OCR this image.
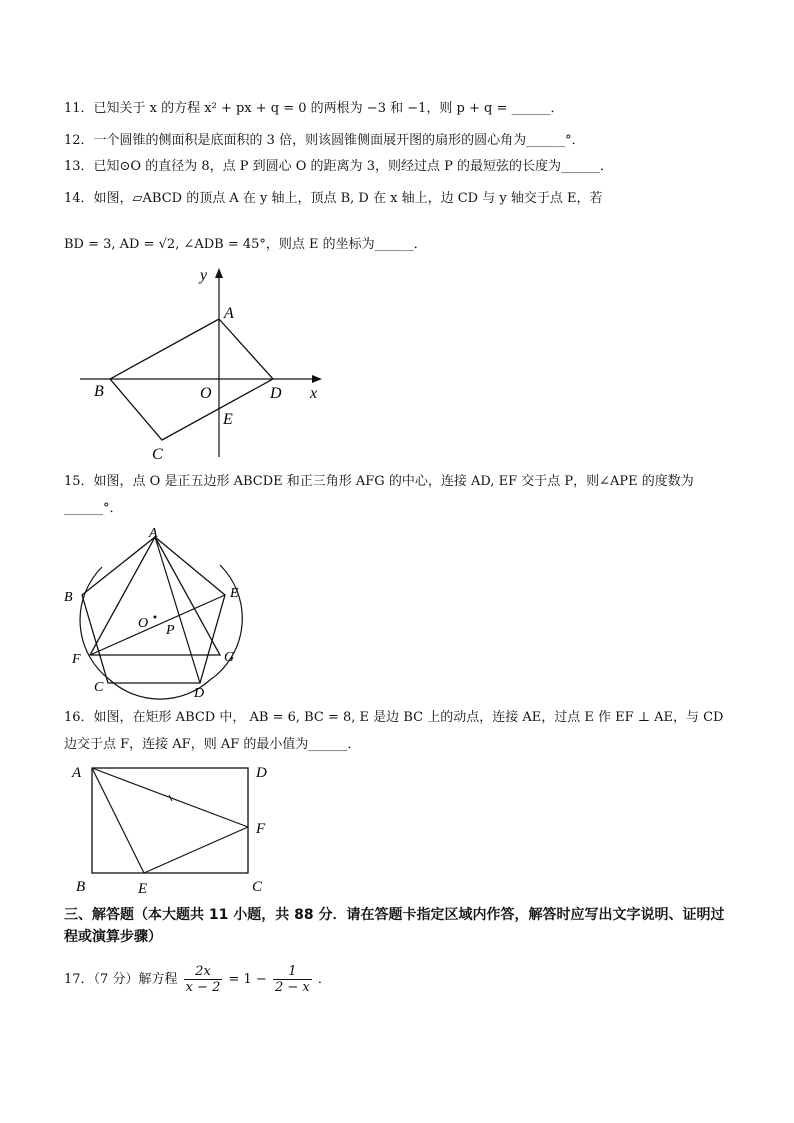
11．已知关于 x 的方程 x² + px + q = 0 的两根为 −3 和 −1，则 p + q = ______．
12．一个圆锥的侧面积是底面积的 3 倍，则该圆锥侧面展开图的扇形的圆心角为______°．
13．已知⊙O 的直径为 8，点 P 到圆心 O 的距离为 3，则经过点 P 的最短弦的长度为______．
14．如图，▱ABCD 的顶点 A 在 y 轴上，顶点 B, D 在 x 轴上，边 CD 与 y 轴交于点 E，若
BD = 3, AD = √2, ∠ADB = 45°，则点 E 的坐标为______．
y
x
A
B	O	D
E
C
15．如图，点 O 是正五边形 ABCDE 和正三角形 AFG 的中心，连接 AD, EF 交于点 P，则∠APE 的度数为
______°．
A
B	E
O P
F	G
C	D
16．如图，在矩形 ABCD 中， AB = 6, BC = 8, E 是边 BC 上的动点，连接 AE，过点 E 作 EF ⊥ AE，与 CD
边交于点 F，连接 AF，则 AF 的最小值为______．
A	D
F
B	E	C
三、解答题（本大题共 11 小题，共 88 分．请在答题卡指定区域内作答，解答时应写出文字说明、证明过程或演算步骤）
17．（7 分）解方程 $\frac{2x}{x - 2} = 1 - \frac{1}{2 - x}$ ．
